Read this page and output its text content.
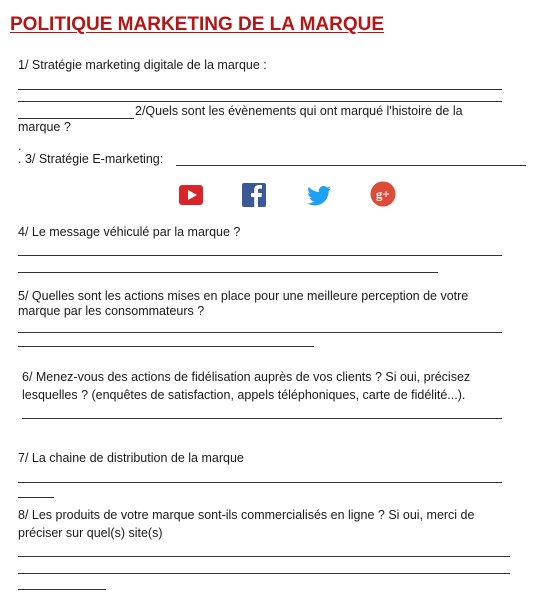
POLITIQUE MARKETING DE LA MARQUE
1/ Stratégie marketing digitale de la marque :
2/Quels sont les évènements qui ont marqué l'histoire de la
marque ?
.
. 3/ Stratégie E-marketing:
g+
4/ Le message véhiculé par la marque ?
5/ Quelles sont les actions mises en place pour une meilleure perception de votre
marque par les consommateurs ?
6/ Menez-vous des actions de fidélisation auprès de vos clients ? Si oui, précisez
lesquelles ? (enquêtes de satisfaction, appels téléphoniques, carte de fidélité...).
7/ La chaine de distribution de la marque
8/ Les produits de votre marque sont-ils commercialisés en ligne ? Si oui, merci de
préciser sur quel(s) site(s)
